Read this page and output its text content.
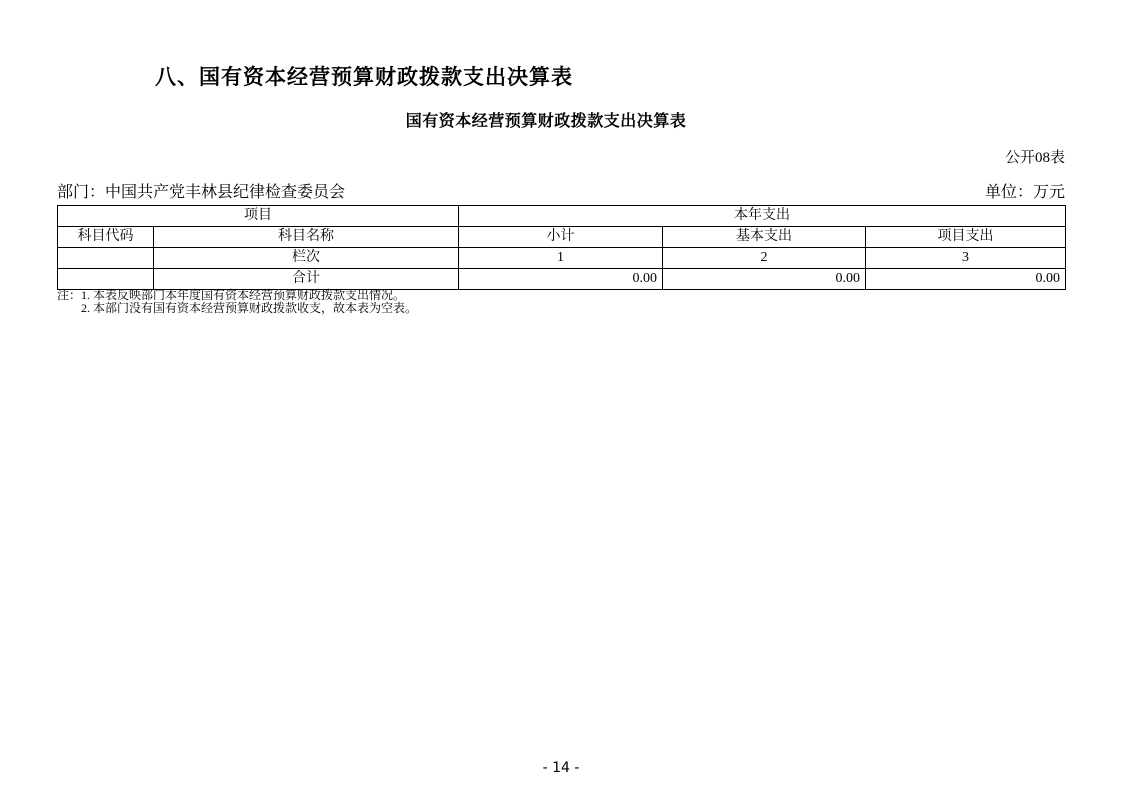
八、国有资本经营预算财政拨款支出决算表
国有资本经营预算财政拨款支出决算表
公开08表
部门：中国共产党丰林县纪律检查委员会	单位：万元
项目		本年支出		
科目代码	科目名称	小计	基本支出	项目支出
	栏次	1	2	3
	合计	0.00	0.00	0.00
注： 1. 本表反映部门本年度国有资本经营预算财政拨款支出情况。
2. 本部门没有国有资本经营预算财政拨款收支，故本表为空表。
- 14 -
